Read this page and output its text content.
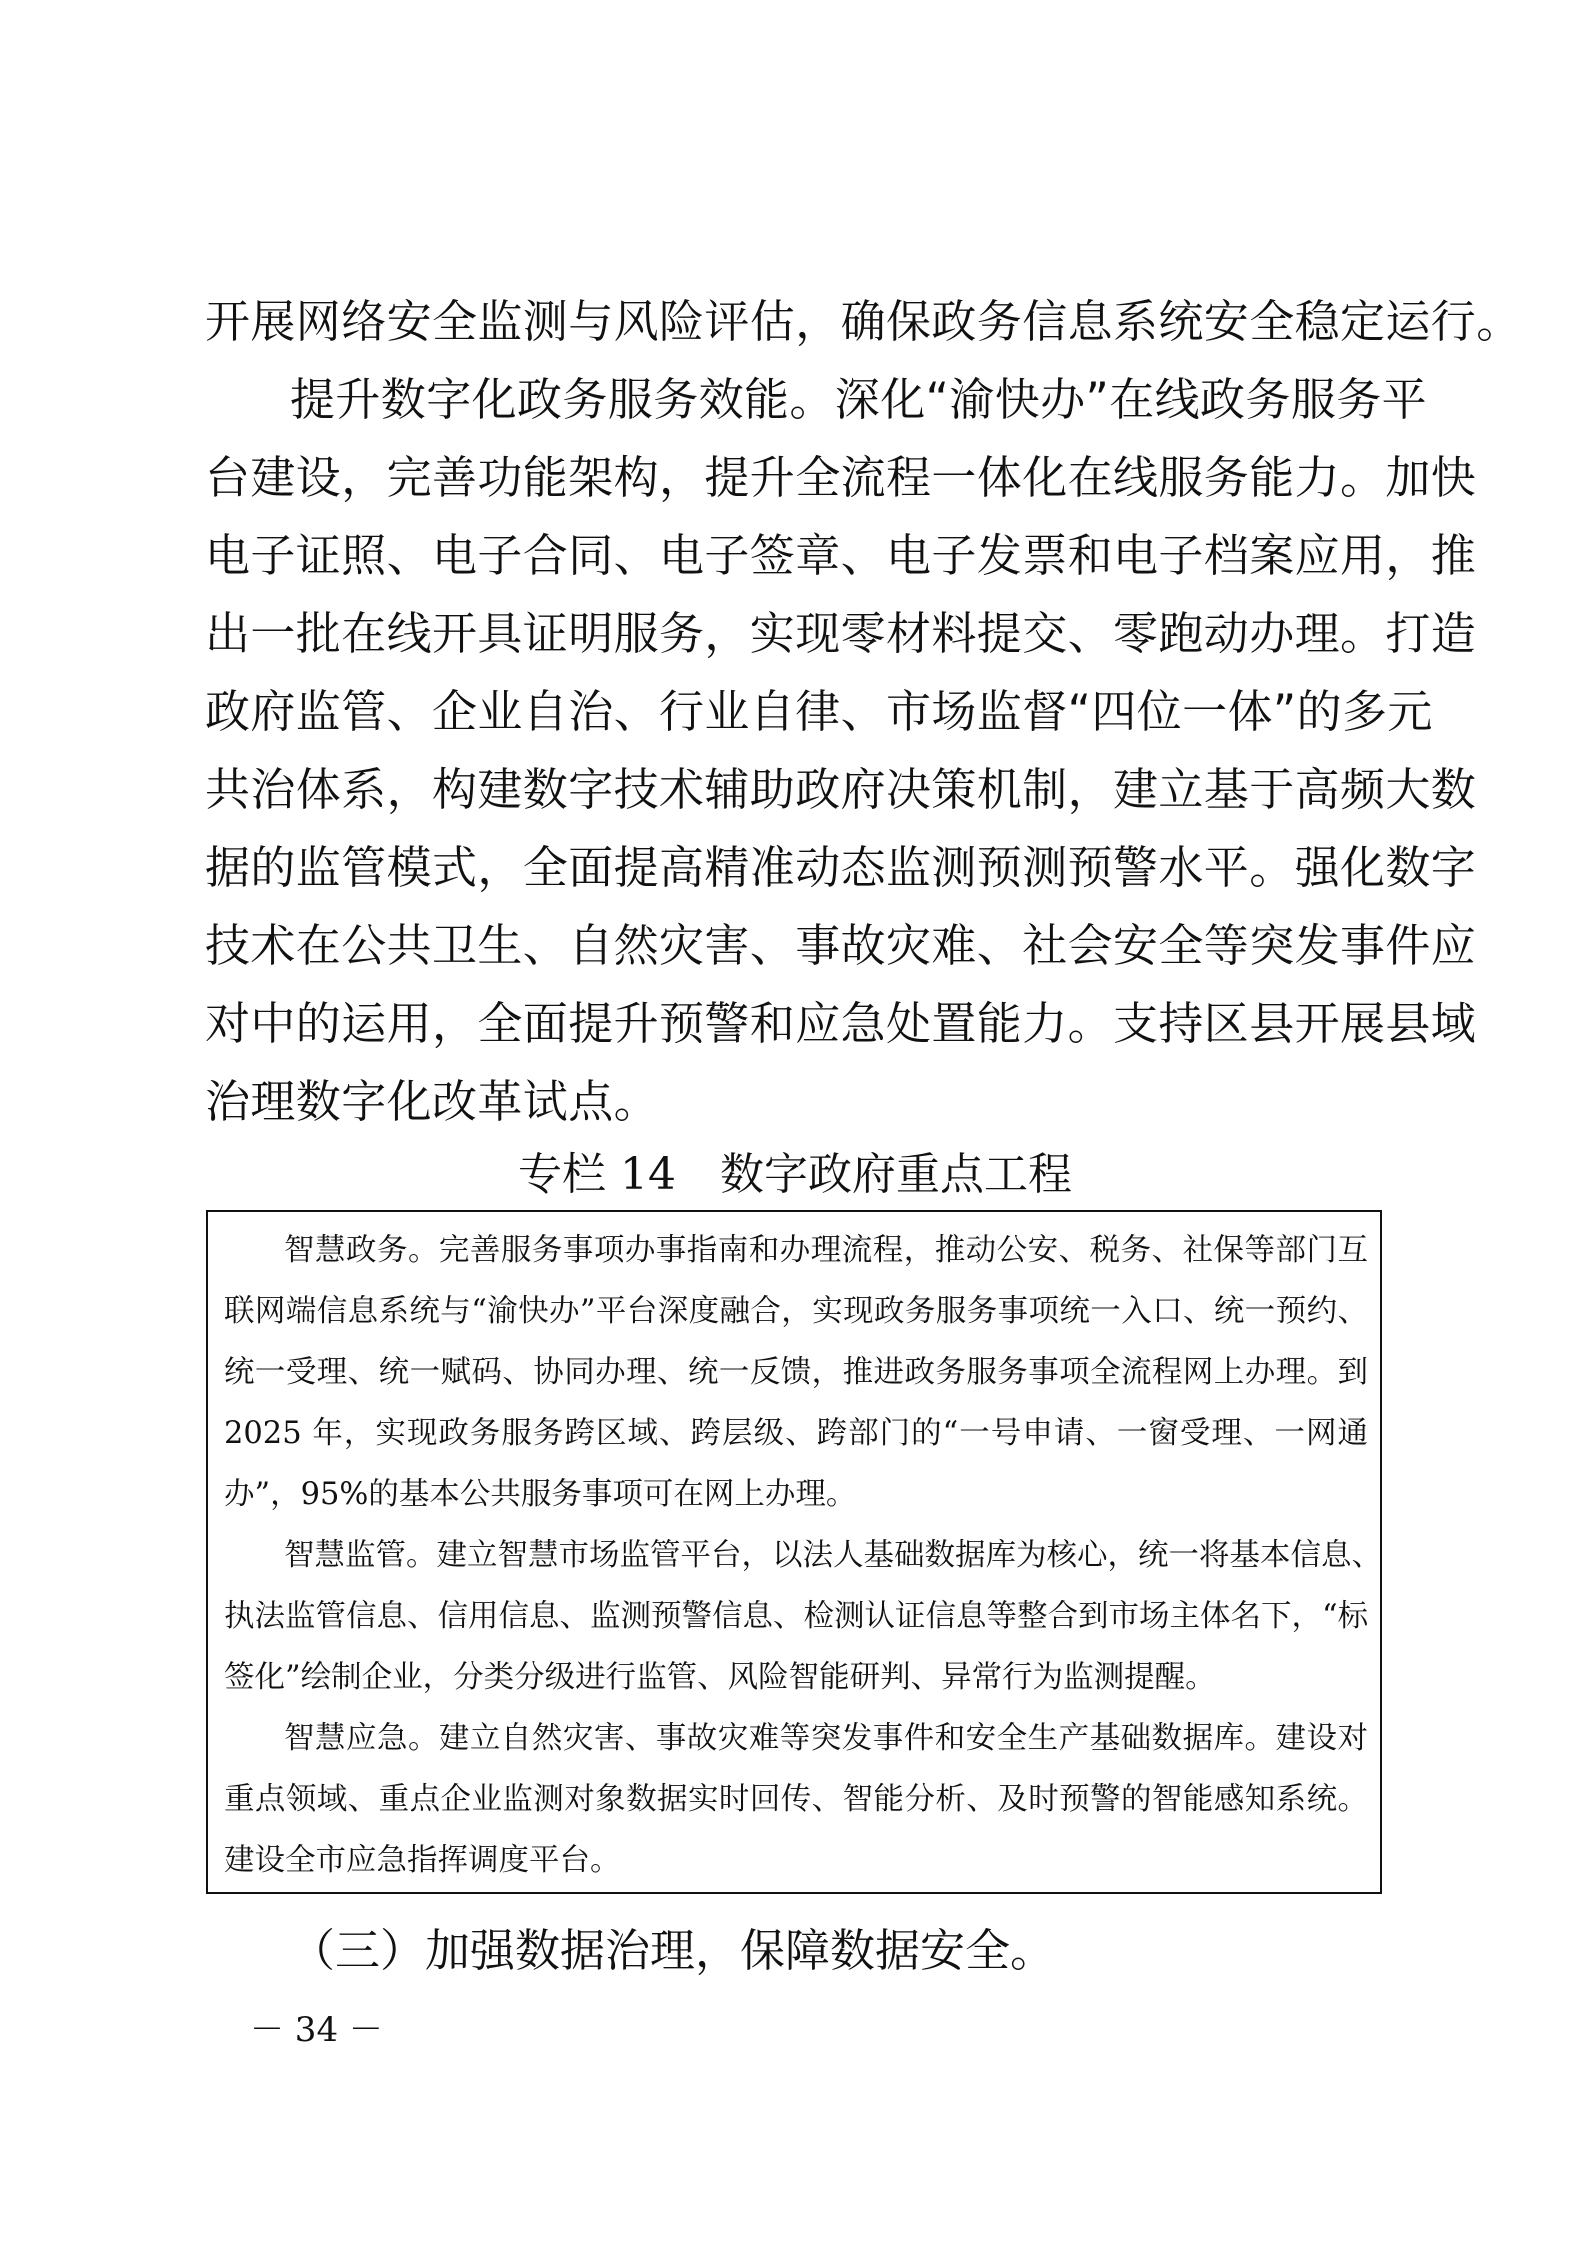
开展网络安全监测与风险评估，确保政务信息系统安全稳定运行。
提升数字化政务服务效能。深化“渝快办”在线政务服务平
台建设，完善功能架构，提升全流程一体化在线服务能力。加快
电子证照、电子合同、电子签章、电子发票和电子档案应用，推
出一批在线开具证明服务，实现零材料提交、零跑动办理。打造
政府监管、企业自治、行业自律、市场监督“四位一体”的多元
共治体系，构建数字技术辅助政府决策机制，建立基于高频大数
据的监管模式，全面提高精准动态监测预测预警水平。强化数字
技术在公共卫生、自然灾害、事故灾难、社会安全等突发事件应
对中的运用，全面提升预警和应急处置能力。支持区县开展县域
治理数字化改革试点。
专栏 14　数字政府重点工程
智慧政务。完善服务事项办事指南和办理流程，推动公安、税务、社保等部门互
联网端信息系统与“渝快办”平台深度融合，实现政务服务事项统一入口、统一预约、
统一受理、统一赋码、协同办理、统一反馈，推进政务服务事项全流程网上办理。到
2025 年，实现政务服务跨区域、跨层级、跨部门的“一号申请、一窗受理、一网通
办”，95%的基本公共服务事项可在网上办理。
智慧监管。建立智慧市场监管平台，以法人基础数据库为核心，统一将基本信息、
执法监管信息、信用信息、监测预警信息、检测认证信息等整合到市场主体名下，“标
签化”绘制企业，分类分级进行监管、风险智能研判、异常行为监测提醒。
智慧应急。建立自然灾害、事故灾难等突发事件和安全生产基础数据库。建设对
重点领域、重点企业监测对象数据实时回传、智能分析、及时预警的智能感知系统。
建设全市应急指挥调度平台。
（三）加强数据治理，保障数据安全。
－ 34 －
